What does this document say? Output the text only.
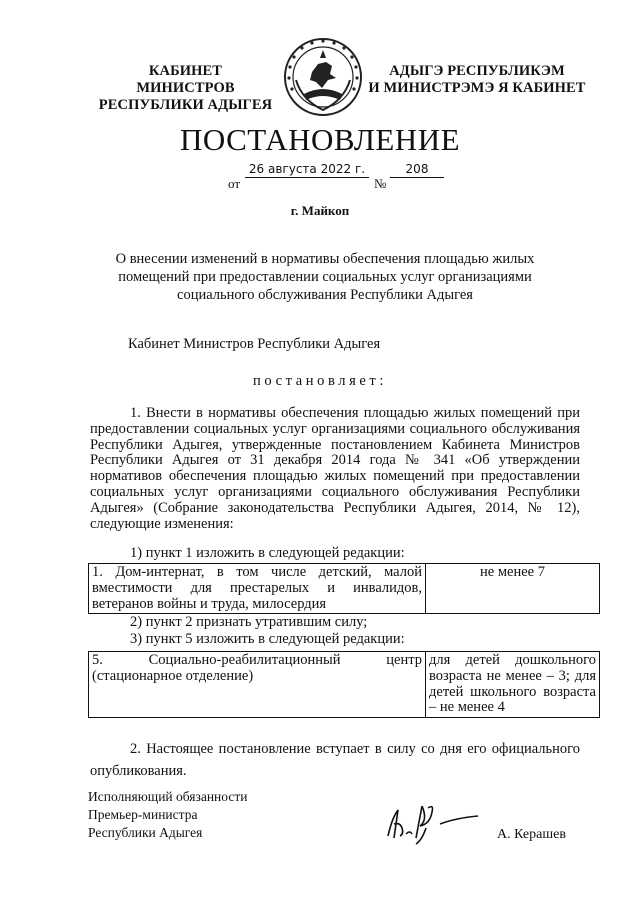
КАБИНЕТ МИНИСТРОВ
РЕСПУБЛИКИ АДЫГЕЯ
АДЫГЭ РЕСПУБЛИКЭМ
И МИНИСТРЭМЭ Я КАБИНЕТ
ПОСТАНОВЛЕНИЕ
от
26 августа 2022 г.
№
208
г. Майкоп
О внесении изменений в нормативы обеспечения площадью жилых помещений при предоставлении социальных услуг организациями социального обслуживания Республики Адыгея
Кабинет Министров Республики Адыгея
постановляет:
1. Внести в нормативы обеспечения площадью жилых помещений при предоставлении социальных услуг организациями социального обслуживания Республики Адыгея, утвержденные постановлением Кабинета Министров Республики Адыгея от 31 декабря 2014 года № 341 «Об утверждении нормативов обеспечения площадью жилых помещений при предоставлении социальных услуг организациями социального обслуживания Республики Адыгея» (Собрание законодательства Республики Адыгея, 2014, № 12), следующие изменения:
1) пункт 1 изложить в следующей редакции:
1. Дом-интернат, в том числе детский, малой вместимости для престарелых и инвалидов, ветеранов войны и труда, милосердия	не менее 7
2) пункт 2 признать утратившим силу;
3) пункт 5 изложить в следующей редакции:
5. Социально-реабилитационный центр (стационарное отделение)	для детей дошкольного возраста не менее – 3; для детей школьного возраста – не менее 4
2. Настоящее постановление вступает в силу со дня его официального опубликования.
Исполняющий обязанности
Премьер-министра
Республики Адыгея	А. Керашев
